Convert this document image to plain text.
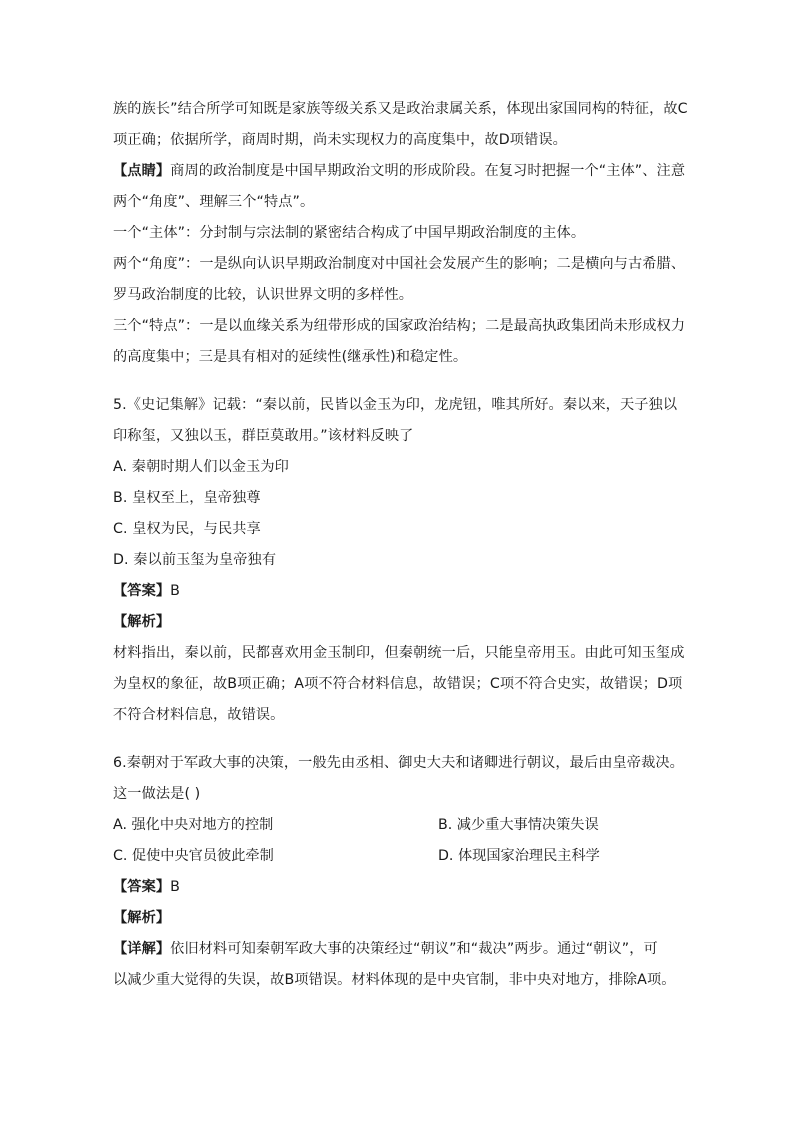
族的族长”结合所学可知既是家族等级关系又是政治隶属关系，体现出家国同构的特征，故C
项正确；依据所学，商周时期，尚未实现权力的高度集中，故D项错误。
【点睛】商周的政治制度是中国早期政治文明的形成阶段。在复习时把握一个“主体”、注意
两个“角度”、理解三个“特点”。
一个“主体”：分封制与宗法制的紧密结合构成了中国早期政治制度的主体。
两个“角度”：一是纵向认识早期政治制度对中国社会发展产生的影响；二是横向与古希腊、
罗马政治制度的比较，认识世界文明的多样性。
三个“特点”：一是以血缘关系为纽带形成的国家政治结构；二是最高执政集团尚未形成权力
的高度集中；三是具有相对的延续性(继承性)和稳定性。
5.《史记集解》记载：“秦以前，民皆以金玉为印，龙虎钮，唯其所好。秦以来，天子独以
印称玺，又独以玉，群臣莫敢用。”该材料反映了
A. 秦朝时期人们以金玉为印
B. 皇权至上，皇帝独尊
C. 皇权为民，与民共享
D. 秦以前玉玺为皇帝独有
【答案】B
【解析】
材料指出，秦以前，民都喜欢用金玉制印，但秦朝统一后，只能皇帝用玉。由此可知玉玺成
为皇权的象征，故B项正确；A项不符合材料信息，故错误；C项不符合史实，故错误；D项
不符合材料信息，故错误。
6.秦朝对于军政大事的决策，一般先由丞相、御史大夫和诸卿进行朝议，最后由皇帝裁决。
这一做法是( )
A. 强化中央对地方的控制	B. 减少重大事情决策失误
C. 促使中央官员彼此牵制	D. 体现国家治理民主科学
【答案】B
【解析】
【详解】依旧材料可知秦朝军政大事的决策经过“朝议”和“裁决”两步。通过“朝议”，可
以减少重大觉得的失误，故B项错误。材料体现的是中央官制，非中央对地方，排除A项。
